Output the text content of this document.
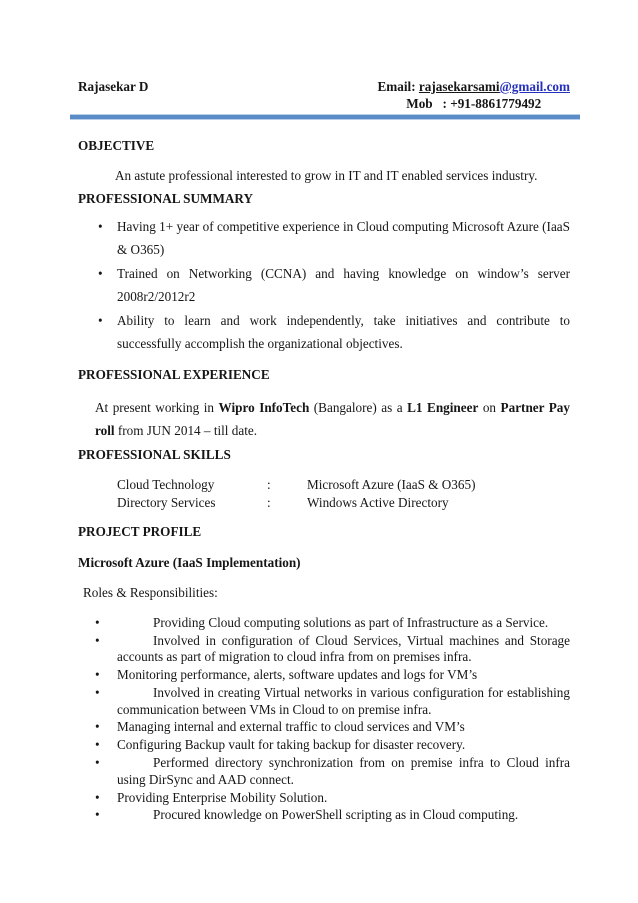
Rajasekar D	Email: rajasekarsami@gmail.com
Mob   : +91-8861779492
OBJECTIVE
An astute professional interested to grow in IT and IT enabled services industry.
PROFESSIONAL SUMMARY
• Having 1+ year of competitive experience in Cloud computing Microsoft Azure (IaaS & O365)
• Trained on Networking (CCNA) and having knowledge on window’s server 2008r2/2012r2
• Ability to learn and work independently, take initiatives and contribute to successfully accomplish the organizational objectives.
PROFESSIONAL EXPERIENCE
At present working in Wipro InfoTech (Bangalore) as a L1 Engineer on Partner Pay roll from JUN 2014 – till date.
PROFESSIONAL SKILLS
Cloud Technology	:	Microsoft Azure (IaaS & O365)
Directory Services	:	Windows Active Directory
PROJECT PROFILE
Microsoft Azure (IaaS Implementation)
Roles & Responsibilities:
•	Providing Cloud computing solutions as part of Infrastructure as a Service.
•	Involved in configuration of Cloud Services, Virtual machines and Storage accounts as part of migration to cloud infra from on premises infra.
• Monitoring performance, alerts, software updates and logs for VM’s
•	Involved in creating Virtual networks in various configuration for establishing communication between VMs in Cloud to on premise infra.
• Managing internal and external traffic to cloud services and VM’s
• Configuring Backup vault for taking backup for disaster recovery.
•	Performed directory synchronization from on premise infra to Cloud infra using DirSync and AAD connect.
• Providing Enterprise Mobility Solution.
•	Procured knowledge on PowerShell scripting as in Cloud computing.
